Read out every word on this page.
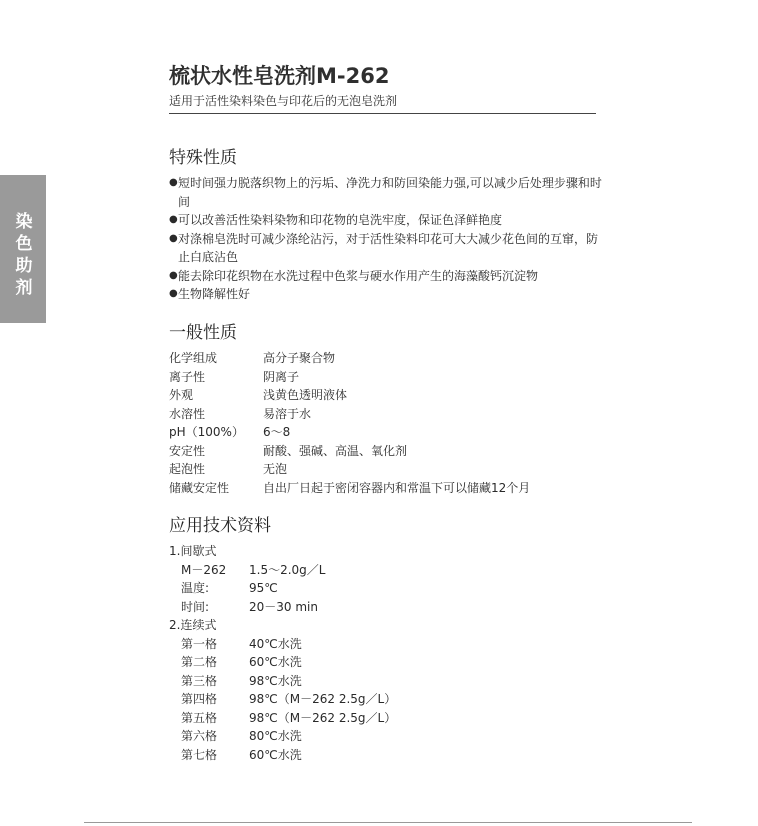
染色助剂
梳状水性皂洗剂M-262
适用于活性染料染色与印花后的无泡皂洗剂
特殊性质
● 短时间强力脱落织物上的污垢、净洗力和防回染能力强,可以减少后处理步骤和时间
● 可以改善活性染料染物和印花物的皂洗牢度，保证色泽鲜艳度
● 对涤棉皂洗时可减少涤纶沾污，对于活性染料印花可大大减少花色间的互窜，防止白底沾色
● 能去除印花织物在水洗过程中色浆与硬水作用产生的海藻酸钙沉淀物
● 生物降解性好
一般性质
化学组成	高分子聚合物
离子性	阴离子
外观	浅黄色透明液体
水溶性	易溶于水
pH（100%）	6～8
安定性	耐酸、强碱、高温、氧化剂
起泡性	无泡
储藏安定性	自出厂日起于密闭容器内和常温下可以储藏12个月
应用技术资料
1.间歇式
M－262	1.5～2.0g／L
温度:	95℃
时间:	20－30 min
2.连续式
第一格	40℃水洗
第二格	60℃水洗
第三格	98℃水洗
第四格	98℃（M－262 2.5g／L）
第五格	98℃（M－262 2.5g／L）
第六格	80℃水洗
第七格	60℃水洗
